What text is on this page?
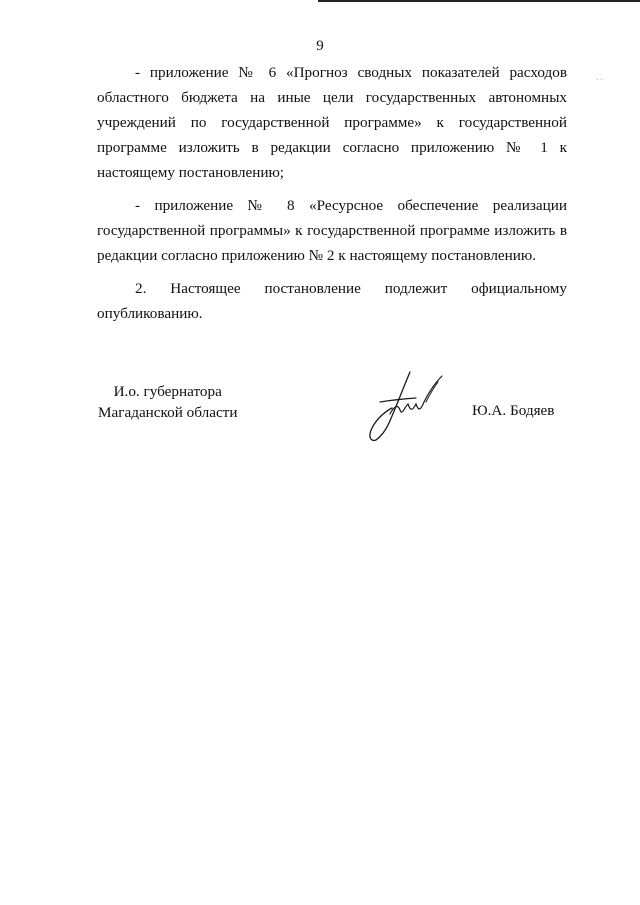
9
· ·

- приложение № 6 «Прогноз сводных показателей расходов областного бюджета на иные цели государственных автономных учреждений по государственной программе» к государственной программе изложить в редакции согласно приложению № 1 к настоящему постановлению;

- приложение № 8 «Ресурсное обеспечение реализации государственной программы» к государственной программе изложить в редакции согласно приложению № 2 к настоящему постановлению.

2. Настоящее постановление подлежит официальному

опубликованию.

И.о. губернатора
Магаданской области	Ю.А. Бодяев
